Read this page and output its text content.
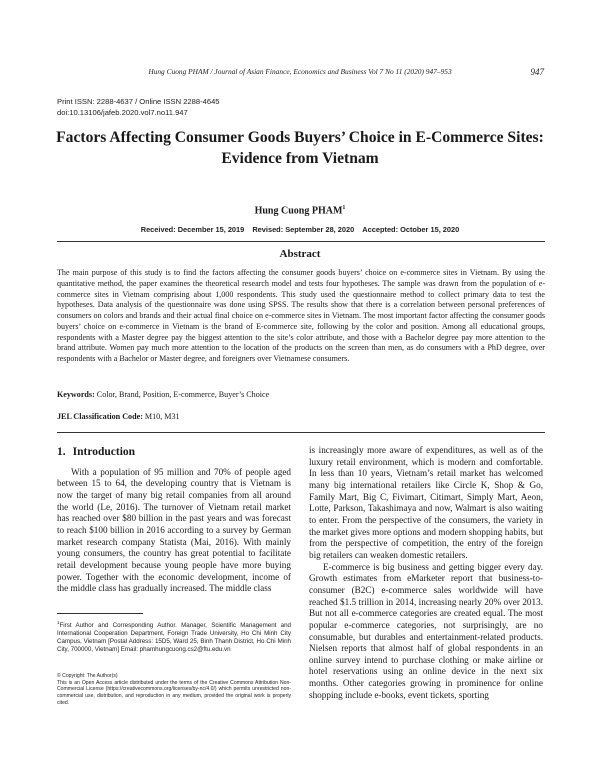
Hung Cuong PHAM / Journal of Asian Finance, Economics and Business Vol 7 No 11 (2020) 947–953	947
Print ISSN: 2288-4637 / Online ISSN 2288-4645
doi:10.13106/jafeb.2020.vol7.no11.947
Factors Affecting Consumer Goods Buyers’ Choice in E-Commerce Sites:
Evidence from Vietnam
Hung Cuong PHAM$^1$
Received: December 15, 2019 Revised: September 28, 2020 Accepted: October 15, 2020
Abstract
The main purpose of this study is to find the factors affecting the consumer goods buyers’ choice on e-commerce sites in Vietnam. By using the quantitative method, the paper examines the theoretical research model and tests four hypotheses. The sample was drawn from the population of e-commerce sites in Vietnam comprising about 1,000 respondents. This study used the questionnaire method to collect primary data to test the hypotheses. Data analysis of the questionnaire was done using SPSS. The results show that there is a correlation between personal preferences of consumers on colors and brands and their actual final choice on e-commerce sites in Vietnam. The most important factor affecting the consumer goods buyers’ choice on e-commerce in Vietnam is the brand of E-commerce site, following by the color and position. Among all educational groups, respondents with a Master degree pay the biggest attention to the site’s color attribute, and those with a Bachelor degree pay more attention to the brand attribute. Women pay much more attention to the location of the products on the screen than men, as do consumers with a PhD degree, over respondents with a Bachelor or Master degree, and foreigners over Vietnamese consumers.
Keywords: Color, Brand, Position, E-commerce, Buyer’s Choice
JEL Classification Code: M10, M31
1. Introduction

With a population of 95 million and 70% of people aged between 15 to 64, the developing country that is Vietnam is now the target of many big retail companies from all around the world (Le, 2016). The turnover of Vietnam retail market has reached over $80 billion in the past years and was forecast to reach $100 billion in 2016 according to a survey by German market research company Statista (Mai, 2016). With mainly young consumers, the country has great potential to facilitate retail development because young people have more buying power. Together with the economic development, income of the middle class has gradually increased. The middle class

is increasingly more aware of expenditures, as well as of the luxury retail environment, which is modern and comfortable. In less than 10 years, Vietnam’s retail market has welcomed many big international retailers like Circle K, Shop & Go, Family Mart, Big C, Fivimart, Citimart, Simply Mart, Aeon, Lotte, Parkson, Takashimaya and now, Walmart is also waiting to enter. From the perspective of the consumers, the variety in the market gives more options and modern shopping habits, but from the perspective of competition, the entry of the foreign big retailers can weaken domestic retailers.

E-commerce is big business and getting bigger every day. Growth estimates from eMarketer report that business-to-consumer (B2C) e-commerce sales worldwide will have reached $1.5 trillion in 2014, increasing nearly 20% over 2013. But not all e-commerce categories are created equal. The most popular e-commerce categories, not surprisingly, are no consumable, but durables and entertainment-related products. Nielsen reports that almost half of global respondents in an online survey intend to purchase clothing or make airline or hotel reservations using an online device in the next six months. Other categories growing in prominence for online shopping include e-books, event tickets, sporting

$^1$First Author and Corresponding Author. Manager, Scientific Management and International Cooperation Department, Foreign Trade University, Ho Chi Minh City Campus, Vietnam [Postal Address: 15D5, Ward 25, Binh Thanh District, Ho Chi Minh City, 700000, Vietnam] Email: phamhungcuong.cs2@ftu.edu.vn
© Copyright: The Author(s)
This is an Open Access article distributed under the terms of the Creative Commons Attribution Non-Commercial License (https://creativecommons.org/licenses/by-nc/4.0/) which permits unrestricted non-commercial use, distribution, and reproduction in any medium, provided the original work is properly cited.
